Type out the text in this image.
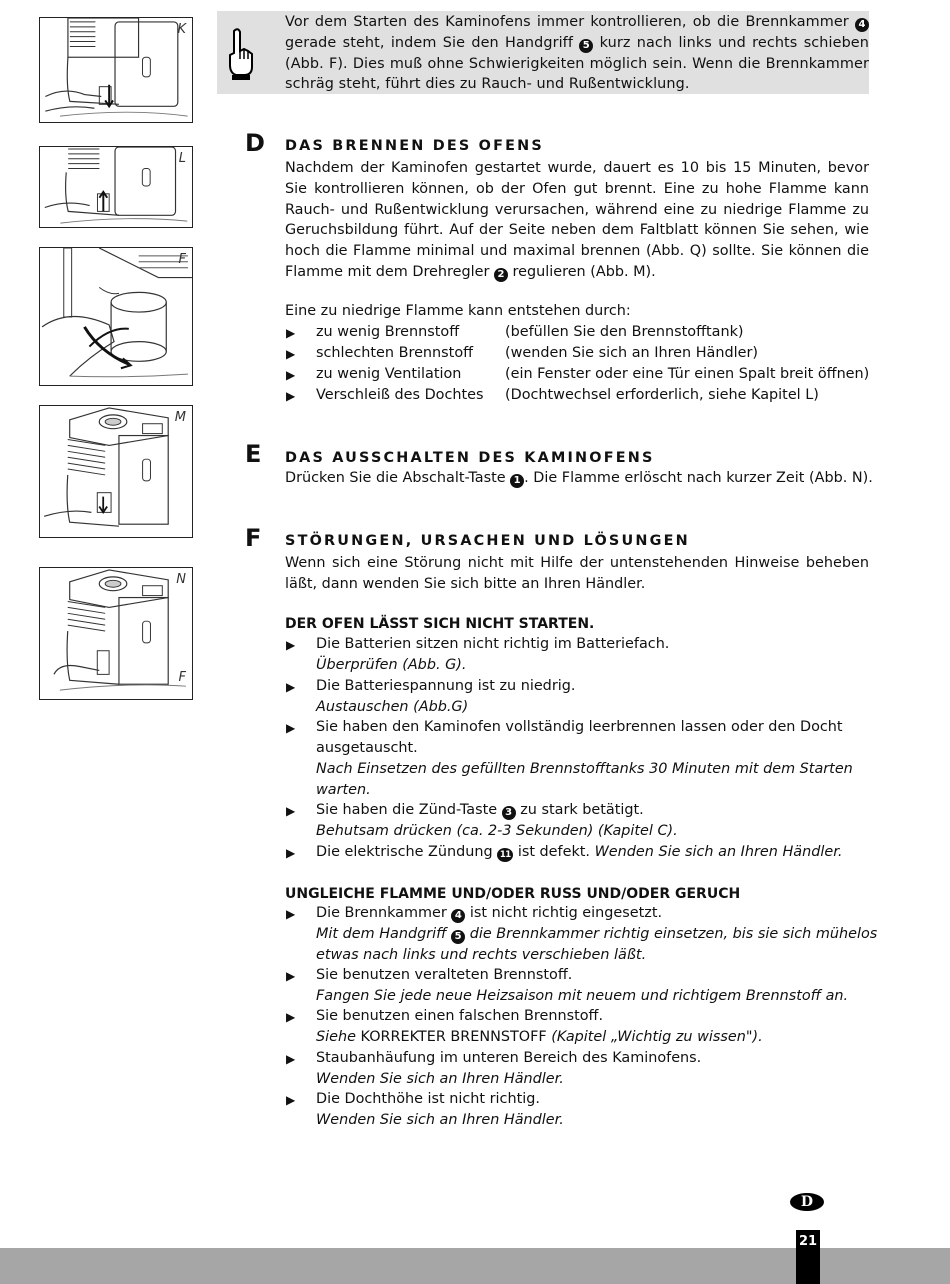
K
L
F
M
N
F
Vor dem Starten des Kaminofens immer kontrollieren, ob die Brennkammer 4 gerade steht, indem Sie den Handgriff 5 kurz nach links und rechts schieben (Abb. F). Dies muß ohne Schwierigkeiten möglich sein. Wenn die Brennkammer schräg steht, führt dies zu Rauch- und Rußentwicklung.
D DAS BRENNEN DES OFENS
Nachdem der Kaminofen gestartet wurde, dauert es 10 bis 15 Minuten, bevor Sie kontrollieren können, ob der Ofen gut brennt. Eine zu hohe Flamme kann Rauch- und Rußentwicklung verursachen, während eine zu niedrige Flamme zu Geruchsbildung führt. Auf der Seite neben dem Faltblatt können Sie sehen, wie hoch die Flamme minimal und maximal brennen (Abb. Q) sollte. Sie können die Flamme mit dem Drehregler 2 regulieren (Abb. M).
Eine zu niedrige Flamme kann entstehen durch:
▶ zu wenig Brennstoff	(befüllen Sie den Brennstofftank)
▶ schlechten Brennstoff (wenden Sie sich an Ihren Händler)
▶ zu wenig Ventilation	(ein Fenster oder eine Tür einen Spalt breit öffnen)
▶ Verschleiß des Dochtes (Dochtwechsel erforderlich, siehe Kapitel L)
E DAS AUSSCHALTEN DES KAMINOFENS
Drücken Sie die Abschalt-Taste 1 . Die Flamme erlöscht nach kurzer Zeit (Abb. N).
F STÖRUNGEN, URSACHEN UND LÖSUNGEN
Wenn sich eine Störung nicht mit Hilfe der untenstehenden Hinweise beheben läßt, dann wenden Sie sich bitte an Ihren Händler.
DER OFEN LÄSST SICH NICHT STARTEN.
▶ Die Batterien sitzen nicht richtig im Batteriefach.
Überprüfen (Abb. G).
▶ Die Batteriespannung ist zu niedrig.
Austauschen (Abb.G)
▶ Sie haben den Kaminofen vollständig leerbrennen lassen oder den Docht
ausgetauscht.
Nach Einsetzen des gefüllten Brennstofftanks 30 Minuten mit dem Starten
warten.
▶ Sie haben die Zünd-Taste 3 zu stark betätigt.
Behutsam drücken (ca. 2-3 Sekunden) (Kapitel C).
▶ Die elektrische Zündung 11 ist defekt. Wenden Sie sich an Ihren Händler.
UNGLEICHE FLAMME UND/ODER RUSS UND/ODER GERUCH
▶ Die Brennkammer 4 ist nicht richtig eingesetzt.
Mit dem Handgriff 5 die Brennkammer richtig einsetzen, bis sie sich mühelos
etwas nach links und rechts verschieben läßt.
▶ Sie benutzen veralteten Brennstoff.
Fangen Sie jede neue Heizsaison mit neuem und richtigem Brennstoff an.
▶ Sie benutzen einen falschen Brennstoff.
Siehe KORREKTER BRENNSTOFF (Kapitel „Wichtig zu wissen").
▶ Staubanhäufung im unteren Bereich des Kaminofens.
Wenden Sie sich an Ihren Händler.
▶ Die Dochthöhe ist nicht richtig.
Wenden Sie sich an Ihren Händler.
D
21
